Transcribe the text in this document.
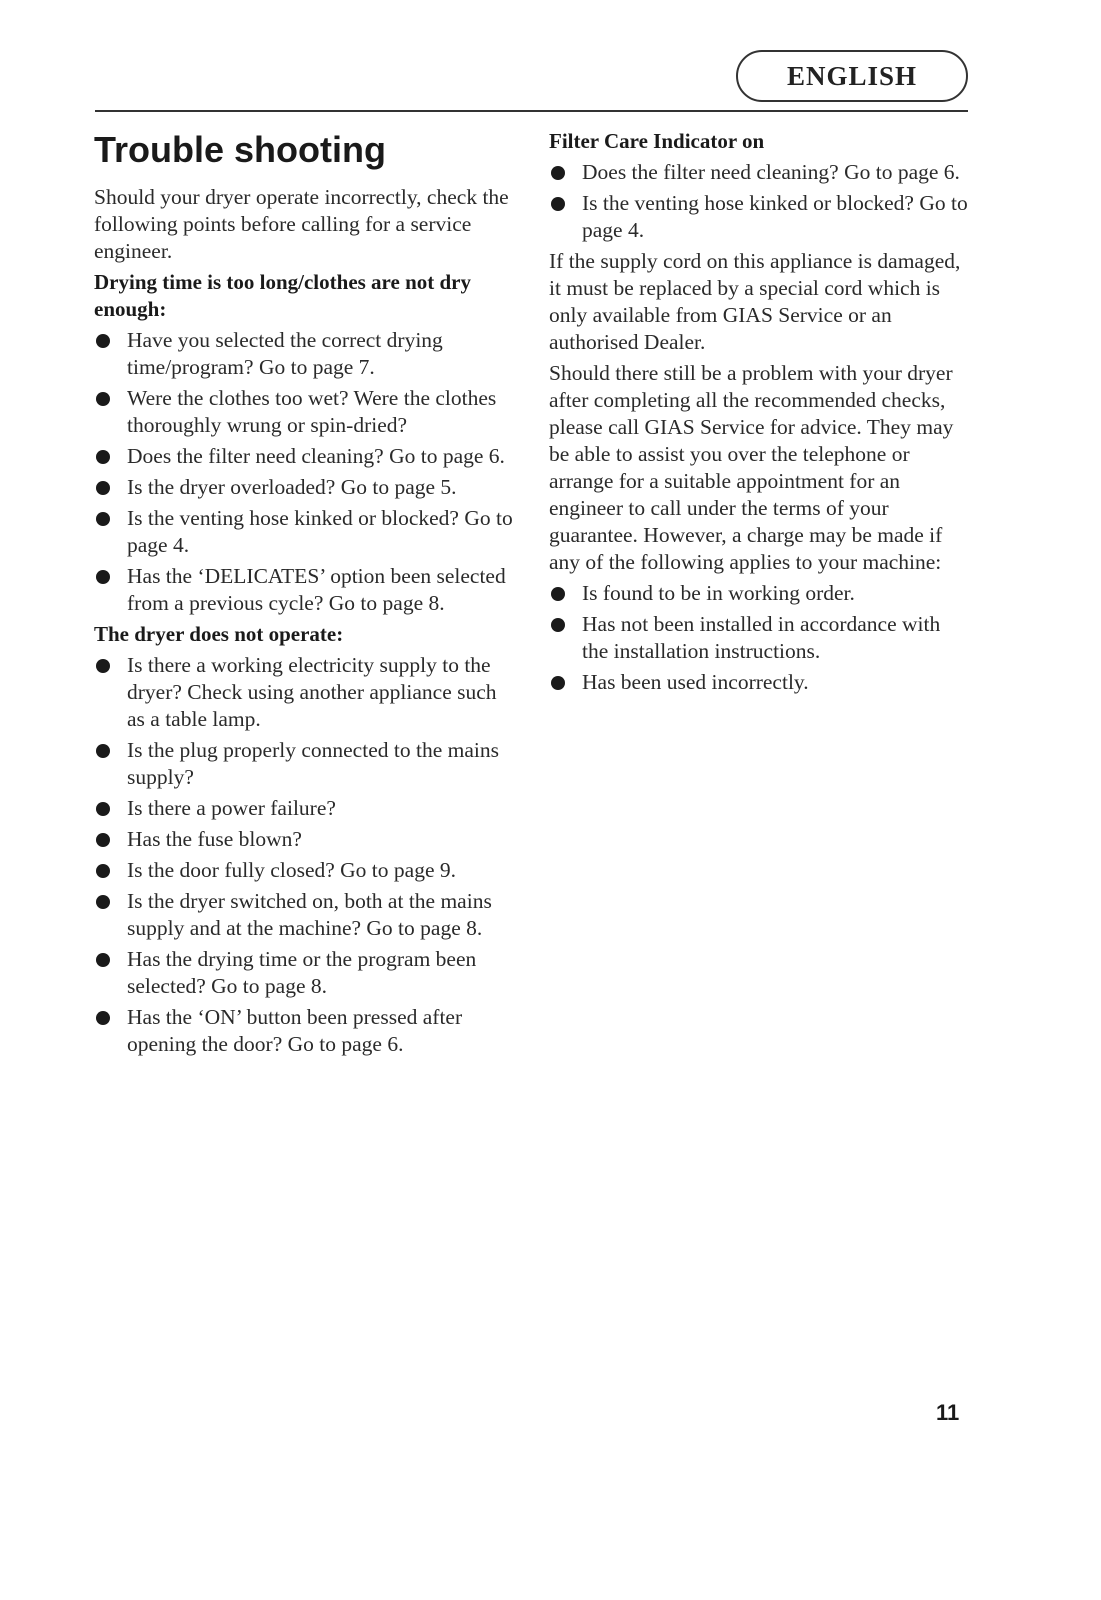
ENGLISH
Trouble shooting

Should your dryer operate incorrectly, check the following points before calling for a service engineer.

Drying time is too long/clothes are not dry enough:
Have you selected the correct drying time/program? Go to page 7.
Were the clothes too wet? Were the clothes thoroughly wrung or spin-dried?
Does the filter need cleaning? Go to page 6.
Is the dryer overloaded? Go to page 5.
Is the venting hose kinked or blocked? Go to page 4.
Has the ‘DELICATES’ option been selected from a previous cycle? Go to page 8.
The dryer does not operate:
Is there a working electricity supply to the dryer? Check using another appliance such as a table lamp.
Is the plug properly connected to the mains supply?
Is there a power failure?
Has the fuse blown?
Is the door fully closed? Go to page 9.
Is the dryer switched on, both at the mains supply and at the machine? Go to page 8.
Has the drying time or the program been selected? Go to page 8.
Has the ‘ON’ button been pressed after opening the door? Go to page 6.
Filter Care Indicator on
Does the filter need cleaning? Go to page 6.
Is the venting hose kinked or blocked? Go to page 4.

If the supply cord on this appliance is damaged, it must be replaced by a special cord which is only available from GIAS Service or an authorised Dealer.

Should there still be a problem with your dryer after completing all the recommended checks, please call GIAS Service for advice. They may be able to assist you over the telephone or arrange for a suitable appointment for an engineer to call under the terms of your guarantee. However, a charge may be made if any of the following applies to your machine:

Is found to be in working order.
Has not been installed in accordance with the installation instructions.
Has been used incorrectly.
11
